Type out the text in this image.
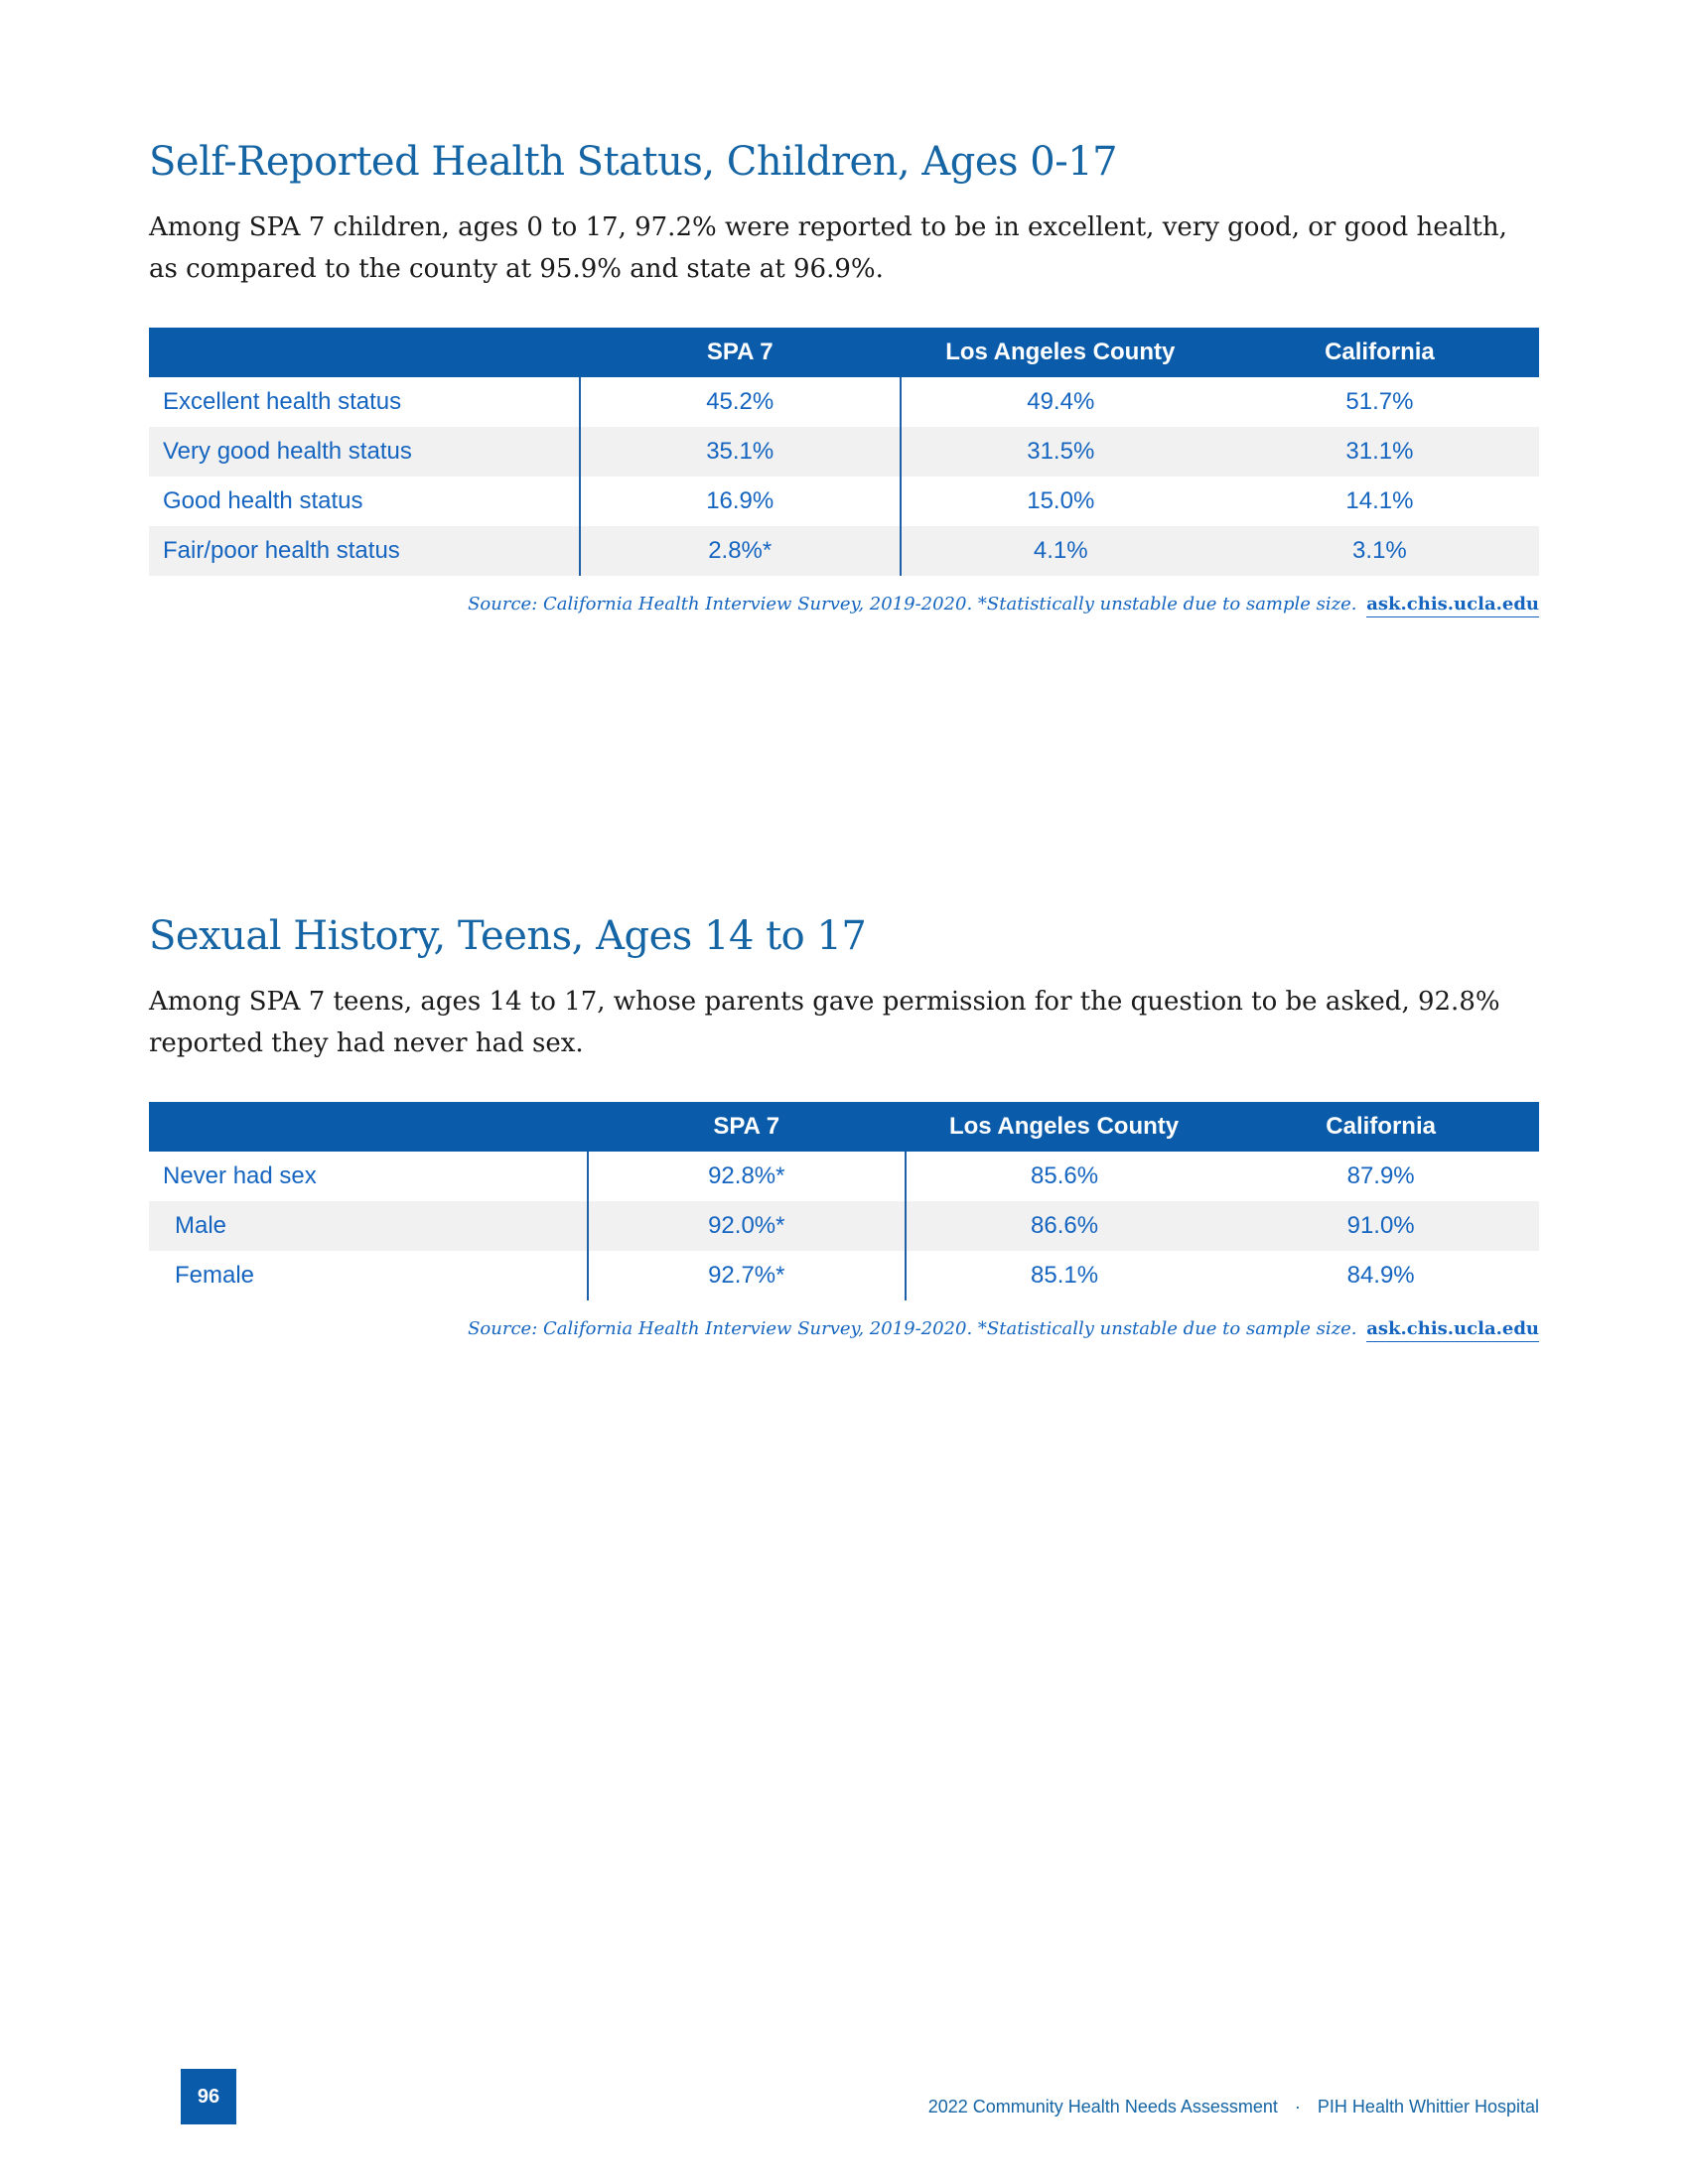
Self-Reported Health Status, Children, Ages 0-17

Among SPA 7 children, ages 0 to 17, 97.2% were reported to be in excellent, very good, or good health, as compared to the county at 95.9% and state at 96.9%.

	SPA 7	Los Angeles County	California
Excellent health status	45.2%	49.4%	51.7%
Very good health status	35.1%	31.5%	31.1%
Good health status	16.9%	15.0%	14.1%
Fair/poor health status	2.8%*	4.1%	3.1%
Source: California Health Interview Survey, 2019-2020. *Statistically unstable due to sample size. ask.chis.ucla.edu
Sexual History, Teens, Ages 14 to 17

Among SPA 7 teens, ages 14 to 17, whose parents gave permission for the question to be asked, 92.8% reported they had never had sex.

	SPA 7	Los Angeles County	California
Never had sex	92.8%*	85.6%	87.9%
Male	92.0%*	86.6%	91.0%
Female	92.7%*	85.1%	84.9%
Source: California Health Interview Survey, 2019-2020. *Statistically unstable due to sample size. ask.chis.ucla.edu
96	2022 Community Health Needs Assessment · PIH Health Whittier Hospital
